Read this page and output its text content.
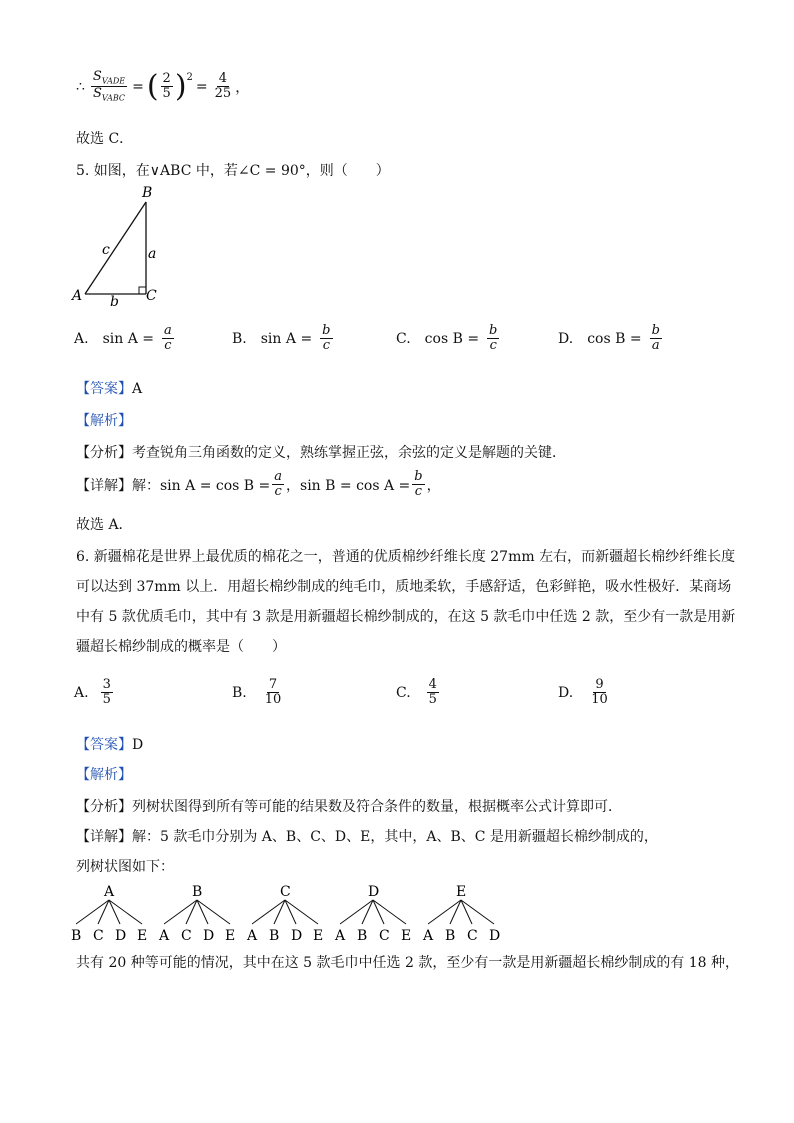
∴ $\frac{S_{VADE}}{S_{VABC}}$ = ( $\frac{2}{5} )^2$
= $\frac{4}{25}$ ，
故选 C．
5. 如图，在∨ABC 中，若∠C = 90°，则（　　）
B
A	C
a
b
c
A. $\sin A = \frac{a}{c}$	B. $\sin A = \frac{b}{c}$	C. $\cos B = \frac{b}{c}$	D. $\cos B = \frac{b}{a}$
【答案】A
【解析】
【分析】考查锐角三角函数的定义，熟练掌握正弦，余弦的定义是解题的关键．
【详解】 解：$\sin A = \cos B = \frac{a}{c}$ ，$\sin B = \cos A = \frac{b}{c}$ ，
故选 A．
6. 新疆棉花是世界上最优质的棉花之一，普通的优质棉纱纤维长度 27mm 左右，而新疆超长棉纱纤维长度
可以达到 37mm 以上．用超长棉纱制成的纯毛巾，质地柔软，手感舒适，色彩鲜艳，吸水性极好．某商场
中有 5 款优质毛巾，其中有 3 款是用新疆超长棉纱制成的，在这 5 款毛巾中任选 2 款，至少有一款是用新
疆超长棉纱制成的概率是（　　）
A. $\frac{3}{5}$	B. $\frac{7}{10}$	C. $\frac{4}{5}$	D. $\frac{9}{10}$
【答案】D
【解析】
【分析】列树状图得到所有等可能的结果数及符合条件的数量，根据概率公式计算即可．
【详解】解：5 款毛巾分别为 A、B、C、D、E，其中，A、B、C 是用新疆超长棉纱制成的，
列树状图如下：
A
B C D E
B
A C D E
C
A B D E
D
A B C E
E
A B C D
共有 20 种等可能的情况，其中在这 5 款毛巾中任选 2 款，至少有一款是用新疆超长棉纱制成的有 18 种，
